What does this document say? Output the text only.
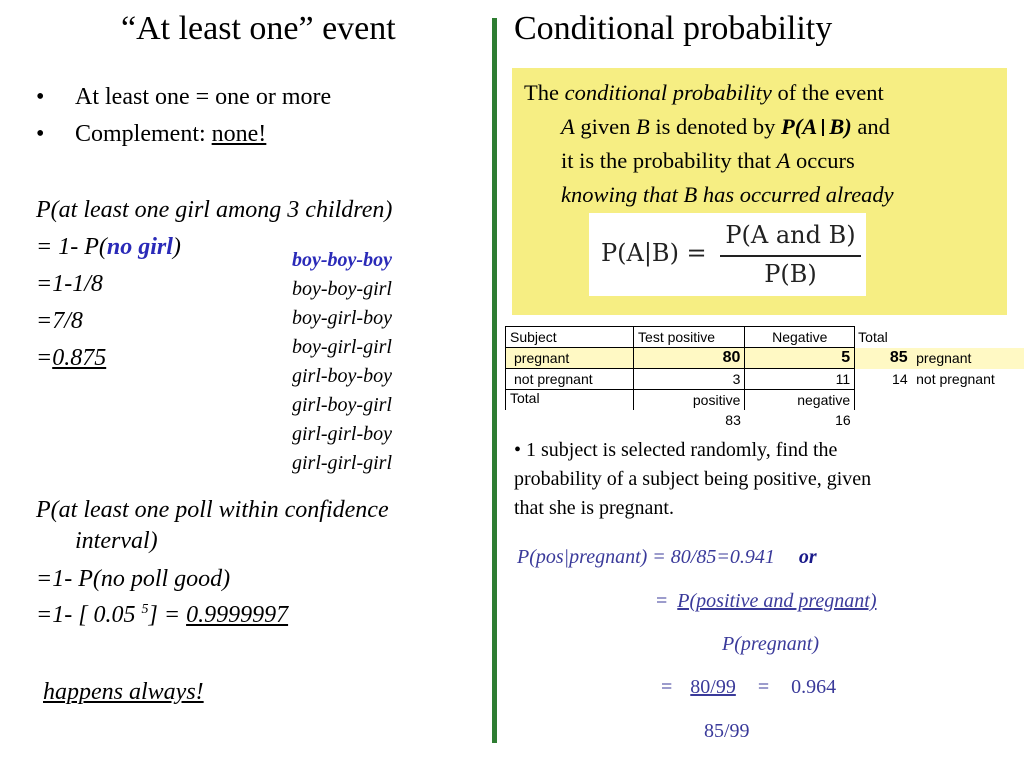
“At least one” event
• At least one = one or more
• Complement: none!
P(at least one girl among 3 children)
= 1- P(no girl)
=1-1/8
=7/8
=0.875
boy-boy-boy
boy-boy-girl
boy-girl-boy
boy-girl-girl
girl-boy-boy
girl-boy-girl
girl-girl-boy
girl-girl-girl
P(at least one poll within confidence
interval)
=1- P(no poll good)
=1- [ 0.05 $^5$] = 0.9999997
happens always!
Conditional probability
The conditional probability of the event
A given B is denoted by P(A B) and
it is the probability that A occurs
knowing that B has occurred already
P(A|B) =
P(A and B)
P(B)
Subject	Test positive	Negative	Total	
pregnant	80	5	85	pregnant
not pregnant	3	11	14	not pregnant
Total	positive	negative		
	83	16		
• 1 subject is selected randomly, find the
probability of a subject being positive, given
that she is pregnant.
P(pos|pregnant) = 80/85=0.941 or
= P(positive and pregnant)
P(pregnant)
= 80/99 = 0.964
85/99
